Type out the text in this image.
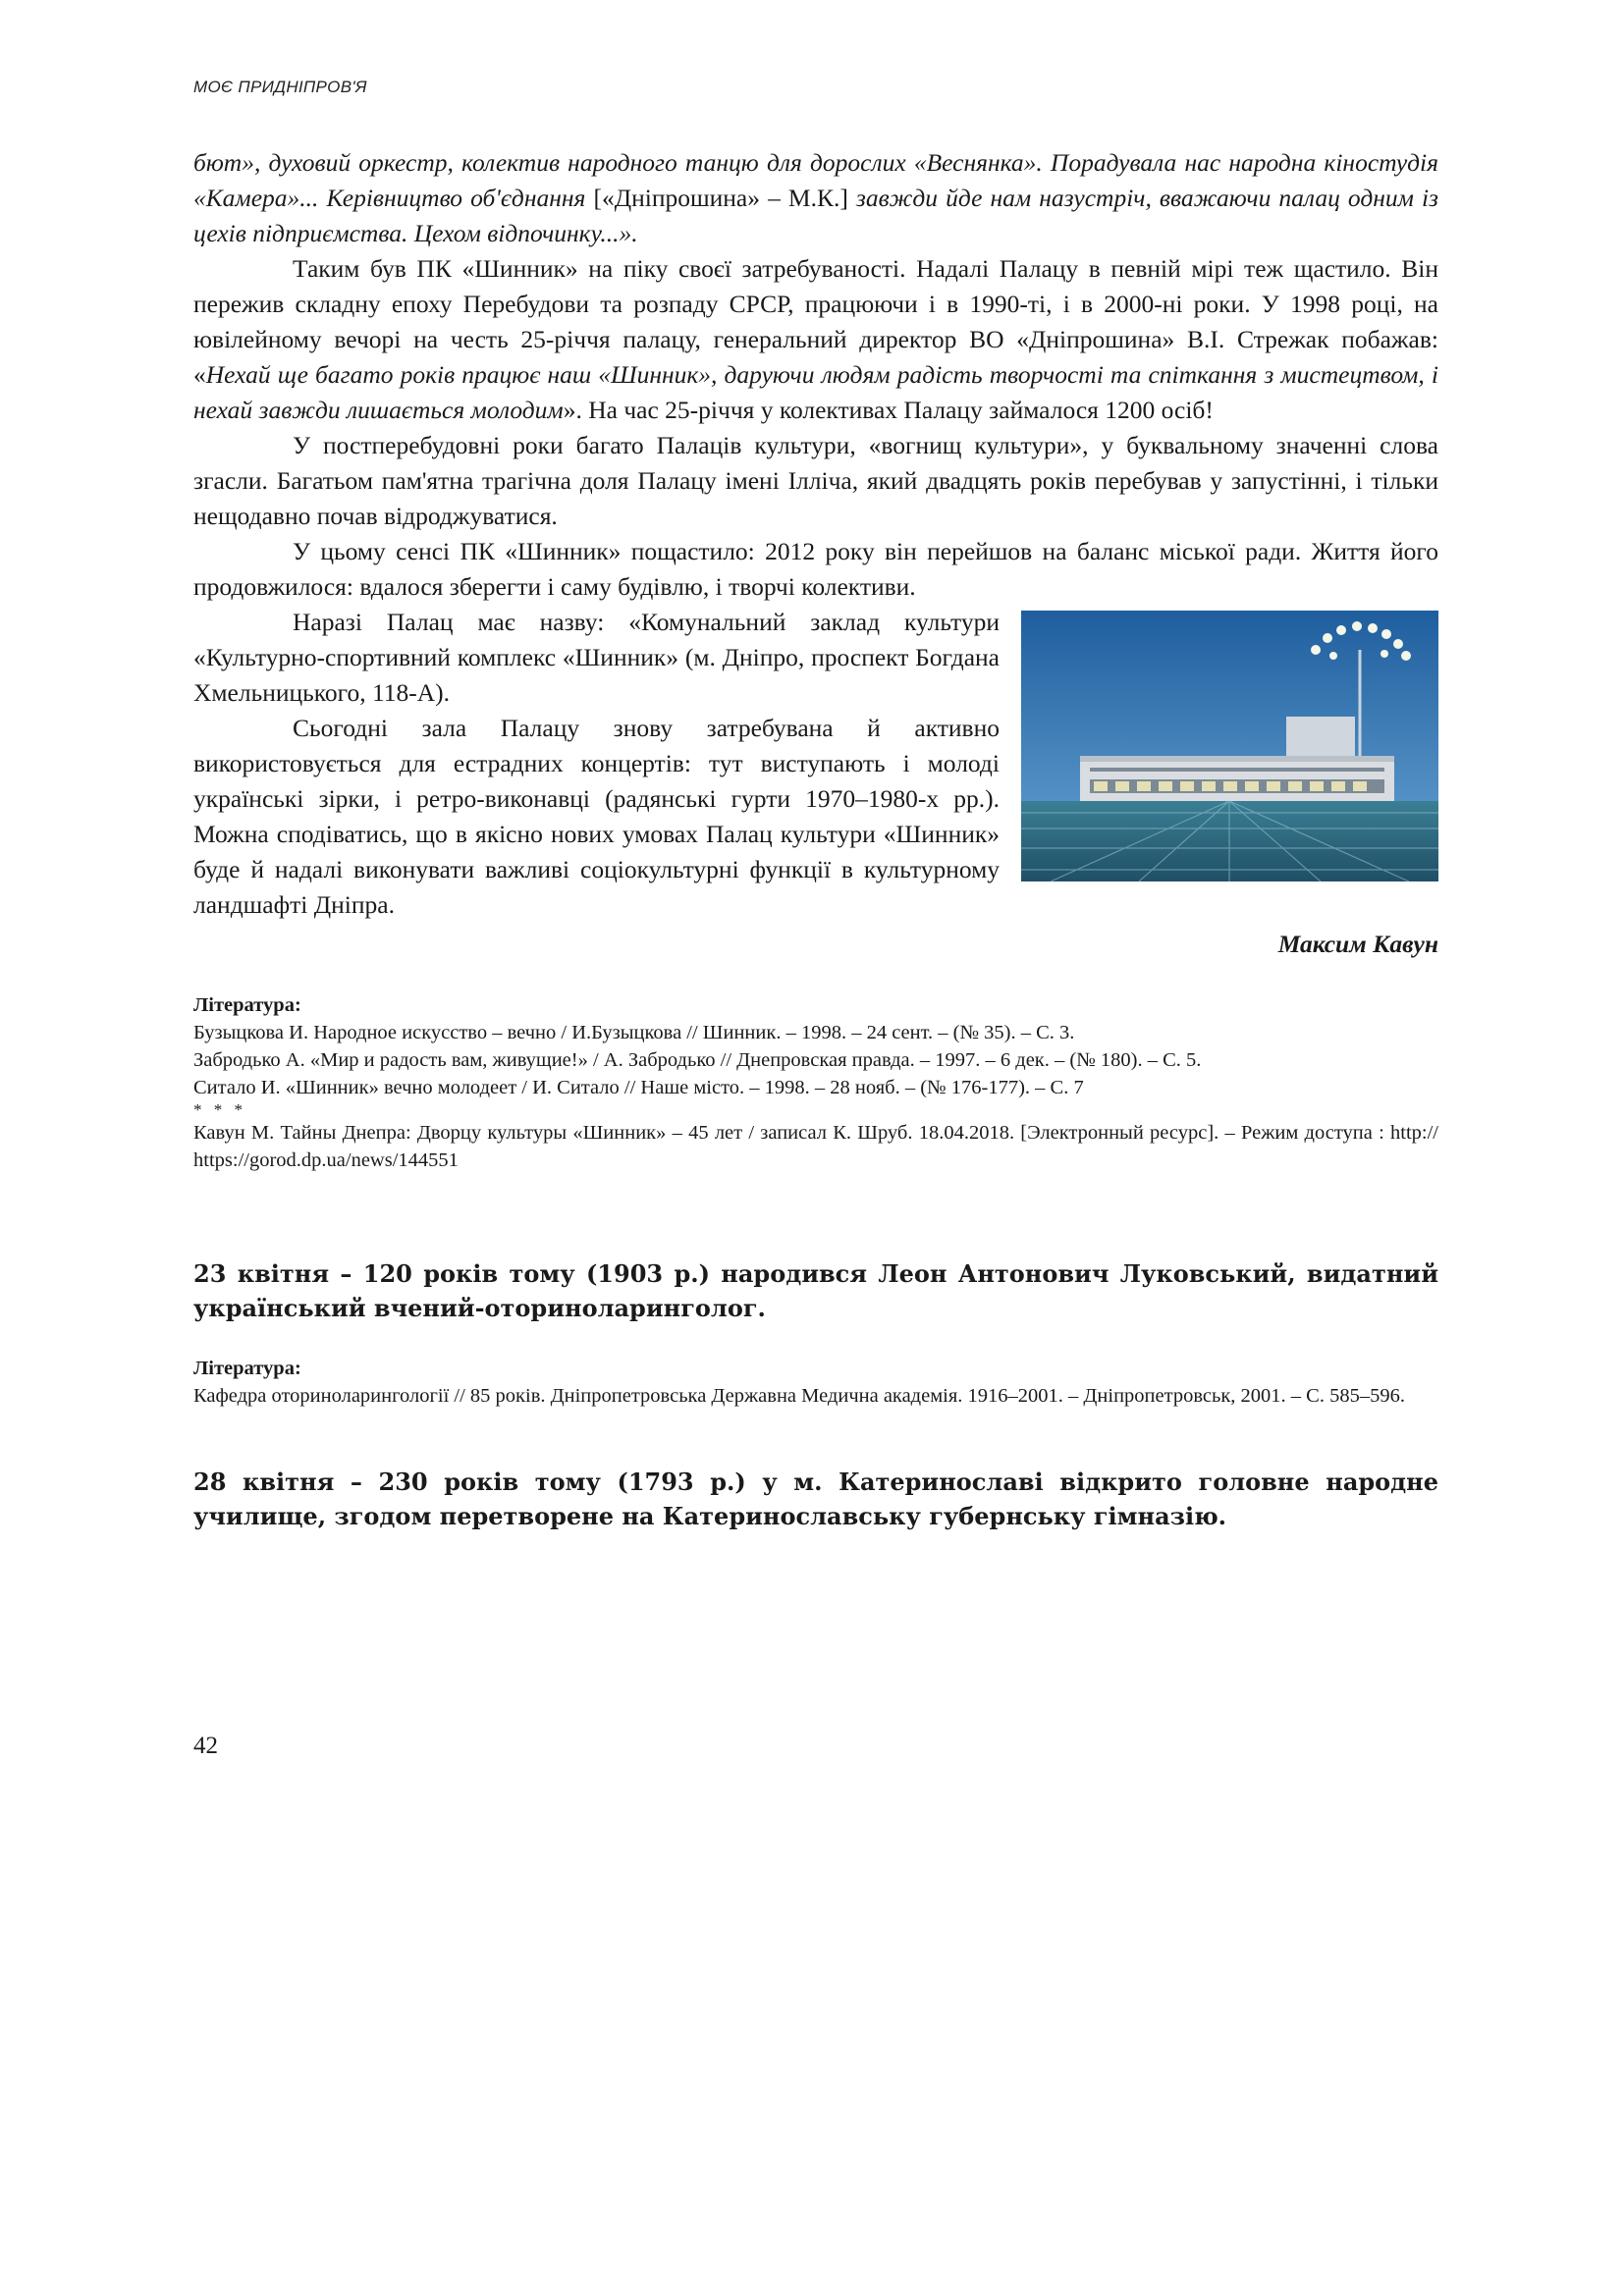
МОЄ ПРИДНІПРОВ'Я

бют», духовий оркестр, колектив народного танцю для дорослих «Веснянка». Порадувала нас народна кіностудія «Камера»... Керівництво об'єднання [«Дніпрошина» – М.К.] завжди йде нам назустріч, вважаючи палац одним із цехів підприємства. Цехом відпочинку...».

Таким був ПК «Шинник» на піку своєї затребуваності. Надалі Палацу в певній мірі теж щастило. Він пережив складну епоху Перебудови та розпаду СРСР, працюючи і в 1990-ті, і в 2000-ні роки. У 1998 році, на ювілейному вечорі на честь 25-річчя палацу, генеральний директор ВО «Дніпрошина» В.І. Стрежак побажав: «Нехай ще багато років працює наш «Шинник», даруючи людям радість творчості та спіткання з мистецтвом, і нехай завжди лишається молодим». На час 25-річчя у колективах Палацу займалося 1200 осіб!

У постперебудовні роки багато Палаців культури, «вогнищ культури», у буквальному значенні слова згасли. Багатьом пам'ятна трагічна доля Палацу імені Ілліча, який двадцять років перебував у запустінні, і тільки нещодавно почав відроджуватися.

У цьому сенсі ПК «Шинник» пощастило: 2012 року він перейшов на баланс міської ради. Життя його продовжилося: вдалося зберегти і саму будівлю, і творчі колективи.

Наразі Палац має назву: «Комунальний заклад культури «Культурно-спортивний комплекс «Шинник» (м. Дніпро, проспект Богдана Хмельницького, 118-А).

Сьогодні зала Палацу знову затребувана й активно використовується для естрадних концертів: тут виступають і молоді українські зірки, і ретро-виконавці (радянські гурти 1970–1980-х рр.). Можна сподіватись, що в якісно нових умовах Палац культури «Шинник» буде й надалі виконувати важливі соціокультурні функції в культурному ландшафті Дніпра.

Максим Кавун
Література:

Бузыцкова И. Народное искусство – вечно / И.Бузыцкова // Шинник. – 1998. – 24 сент. – (№ 35). – С. 3.

Забродько А. «Мир и радость вам, живущие!» / А. Забродько // Днепровская правда. – 1997. – 6 дек. – (№ 180). – С. 5.

Ситало И. «Шинник» вечно молодеет / И. Ситало // Наше місто. – 1998. – 28 нояб. – (№ 176-177). – С. 7

* * *

Кавун М. Тайны Днепра: Дворцу культуры «Шинник» – 45 лет / записал К. Шруб. 18.04.2018. [Электронный ресурс]. – Режим доступа : http:// https://gorod.dp.ua/news/144551

23 квітня – 120 років тому (1903 р.) народився Леон Антонович Луковський, видатний український вчений-оториноларинголог.
Література:

Кафедра оториноларингології // 85 років. Дніпропетровська Державна Медична академія. 1916–2001. – Дніпропетровськ, 2001. – С. 585–596.

28 квітня – 230 років тому (1793 р.) у м. Катеринославі відкрито головне народне училище, згодом перетворене на Катеринославську губернську гімназію.
42
